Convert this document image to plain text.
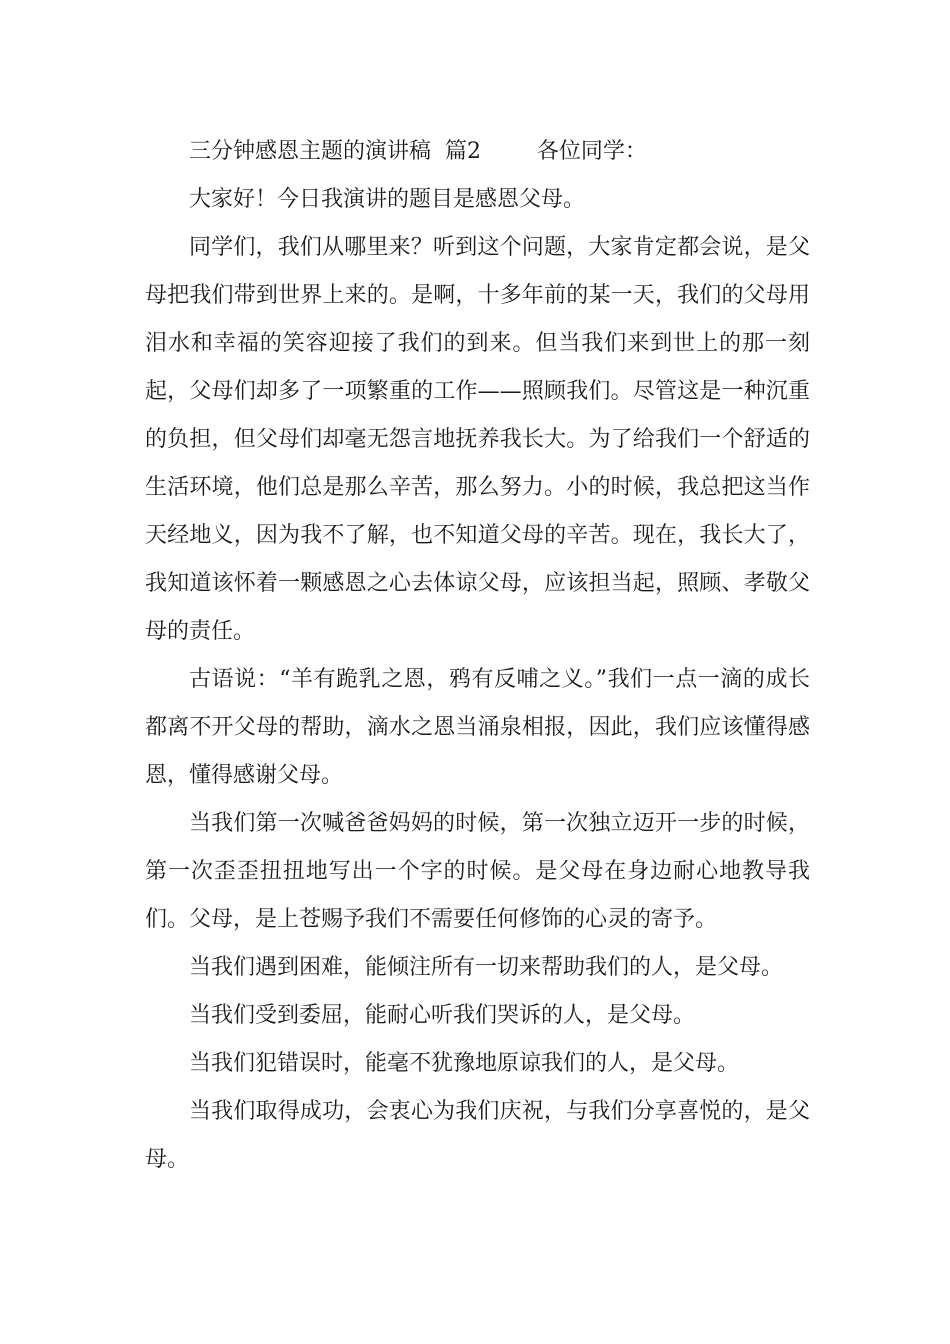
三分钟感恩主题的演讲稿  篇2        各位同学：

大家好！今日我演讲的题目是感恩父母。

同学们，我们从哪里来？听到这个问题，大家肯定都会说，是父母把我们带到世界上来的。是啊，十多年前的某一天，我们的父母用泪水和幸福的笑容迎接了我们的到来。但当我们来到世上的那一刻起，父母们却多了一项繁重的工作——照顾我们。尽管这是一种沉重的负担，但父母们却毫无怨言地抚养我长大。为了给我们一个舒适的生活环境，他们总是那么辛苦，那么努力。小的时候，我总把这当作天经地义，因为我不了解，也不知道父母的辛苦。现在，我长大了，我知道该怀着一颗感恩之心去体谅父母，应该担当起，照顾、孝敬父母的责任。

古语说：“羊有跪乳之恩，鸦有反哺之义。”我们一点一滴的成长都离不开父母的帮助，滴水之恩当涌泉相报，因此，我们应该懂得感恩，懂得感谢父母。

当我们第一次喊爸爸妈妈的时候，第一次独立迈开一步的时候，第一次歪歪扭扭地写出一个字的时候。是父母在身边耐心地教导我们。父母，是上苍赐予我们不需要任何修饰的心灵的寄予。

当我们遇到困难，能倾注所有一切来帮助我们的人，是父母。

当我们受到委屈，能耐心听我们哭诉的人，是父母。

当我们犯错误时，能毫不犹豫地原谅我们的人，是父母。

当我们取得成功，会衷心为我们庆祝，与我们分享喜悦的，是父母。
